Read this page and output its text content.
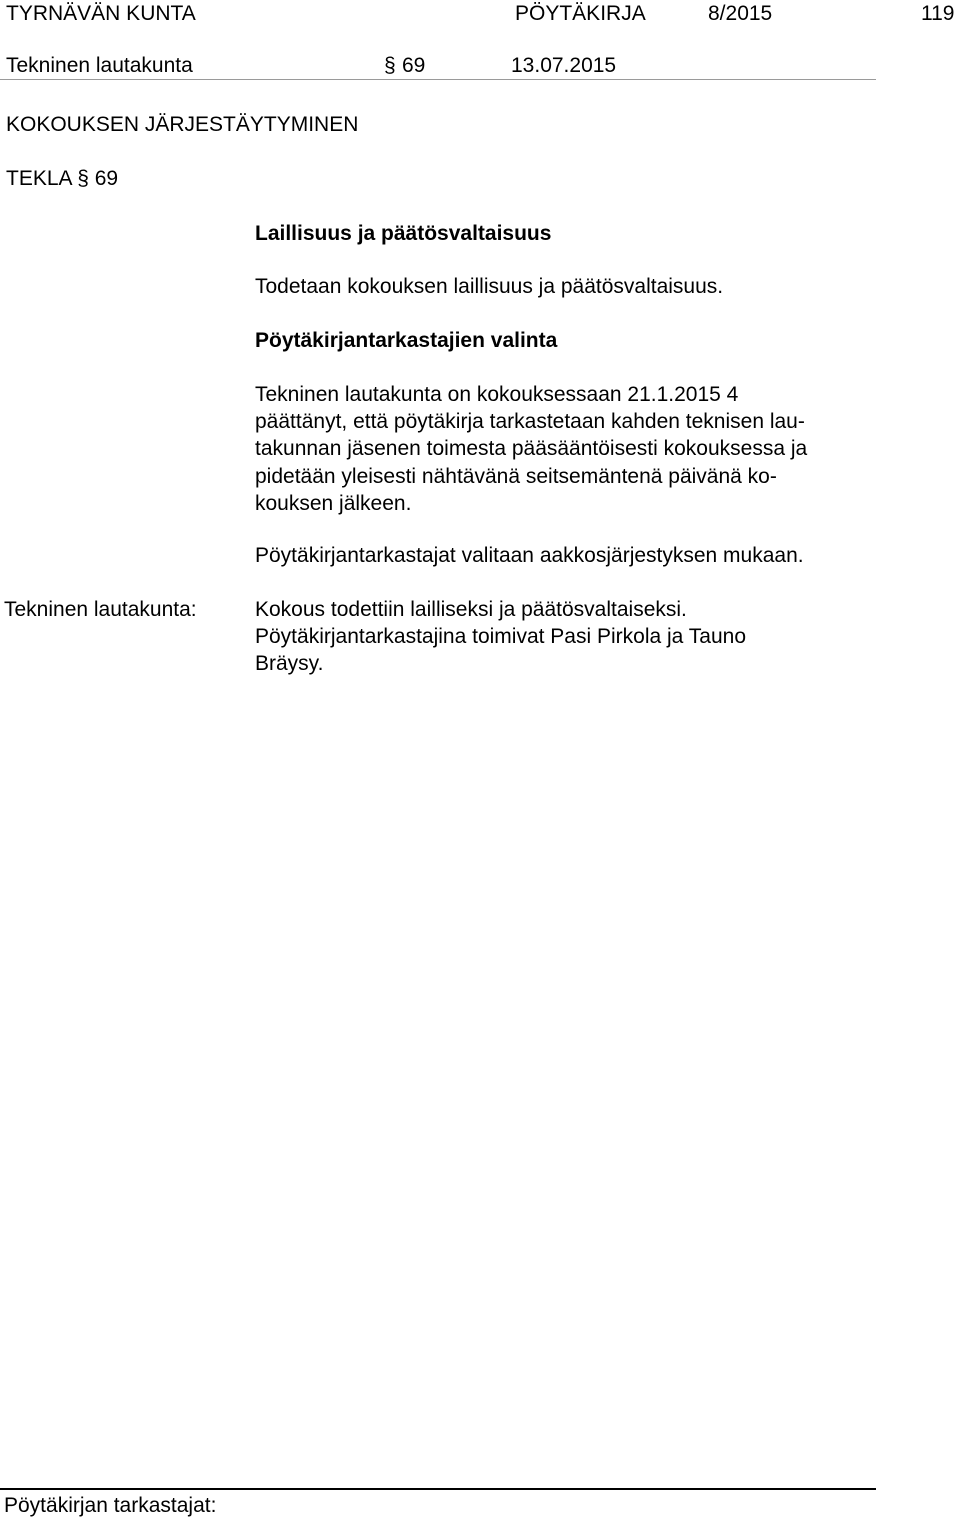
TYRNÄVÄN KUNTA	PÖYTÄKIRJA	8/2015	119
Tekninen lautakunta	§ 69	13.07.2015
KOKOUKSEN JÄRJESTÄYTYMINEN
TEKLA § 69
Laillisuus ja päätösvaltaisuus
Todetaan kokouksen laillisuus ja päätösvaltaisuus.
Pöytäkirjantarkastajien valinta
Tekninen lautakunta on kokouksessaan 21.1.2015 4
päättänyt, että pöytäkirja tarkastetaan kahden teknisen lau-
takunnan jäsenen toimesta pääsääntöisesti kokouksessa ja
pidetään yleisesti nähtävänä seitsemäntenä päivänä ko-
kouksen jälkeen.
Pöytäkirjantarkastajat valitaan aakkosjärjestyksen mukaan.
Tekninen lautakunta:	Kokous todettiin lailliseksi ja päätösvaltaiseksi.
Pöytäkirjantarkastajina toimivat Pasi Pirkola ja Tauno
Bräysy.
Pöytäkirjan tarkastajat:
